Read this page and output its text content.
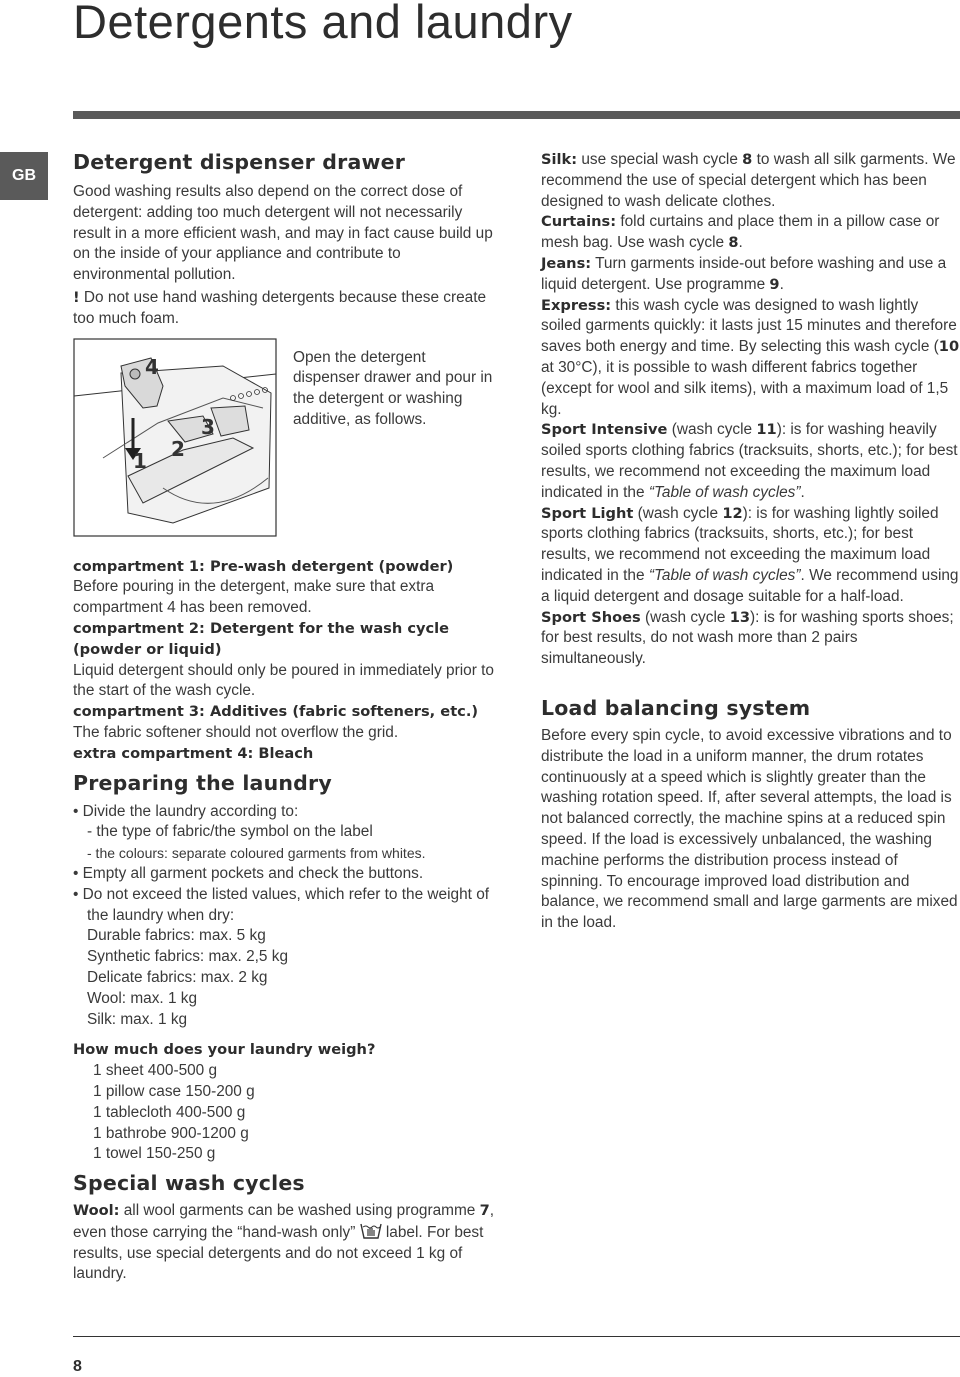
Detergents and laundry
GB
Detergent dispenser drawer

Good washing results also depend on the correct dose of detergent: adding too much detergent will not necessarily result in a more efficient wash, and may in fact cause build up on the inside of your appliance and contribute to environmental pollution.

! Do not use hand washing detergents because these create too much foam.

4
1 2
3

Open the detergent dispenser drawer and pour in the detergent or washing additive, as follows.

compartment 1: Pre-wash detergent (powder)

Before pouring in the detergent, make sure that extra compartment 4 has been removed.

compartment 2: Detergent for the wash cycle (powder or liquid)

Liquid detergent should only be poured in immediately prior to the start of the wash cycle.

compartment 3: Additives (fabric softeners, etc.)

The fabric softener should not overflow the grid.

extra compartment 4: Bleach

Preparing the laundry

• Divide the laundry according to:

- the type of fabric/the symbol on the label

- the colours: separate coloured garments from whites.

• Empty all garment pockets and check the buttons.

• Do not exceed the listed values, which refer to the weight of the laundry when dry:

Durable fabrics: max. 5 kg

Synthetic fabrics: max. 2,5 kg

Delicate fabrics: max. 2 kg

Wool: max. 1 kg

Silk: max. 1 kg

How much does your laundry weigh?

1 sheet 400-500 g

1 pillow case 150-200 g

1 tablecloth 400-500 g

1 bathrobe 900-1200 g

1 towel 150-250 g

Special wash cycles

Wool: all wool garments can be washed using programme 7, even those carrying the “hand-wash only”  label. For best results, use special detergents and do not exceed 1 kg of laundry.

Silk: use special wash cycle 8 to wash all silk garments. We recommend the use of special detergent which has been designed to wash delicate clothes.

Curtains: fold curtains and place them in a pillow case or mesh bag. Use wash cycle 8.

Jeans: Turn garments inside-out before washing and use a liquid detergent. Use programme 9.

Express: this wash cycle was designed to wash lightly soiled garments quickly: it lasts just 15 minutes and therefore saves both energy and time. By selecting this wash cycle (10 at 30°C), it is possible to wash different fabrics together (except for wool and silk items), with a maximum load of 1,5 kg.

Sport Intensive (wash cycle 11): is for washing heavily soiled sports clothing fabrics (tracksuits, shorts, etc.); for best results, we recommend not exceeding the maximum load indicated in the “Table of wash cycles”.

Sport Light (wash cycle 12): is for washing lightly soiled sports clothing fabrics (tracksuits, shorts, etc.); for best results, we recommend not exceeding the maximum load indicated in the “Table of wash cycles”. We recommend using a liquid detergent and dosage suitable for a half-load.

Sport Shoes (wash cycle 13): is for washing sports shoes; for best results, do not wash more than 2 pairs simultaneously.

Load balancing system

Before every spin cycle, to avoid excessive vibrations and to distribute the load in a uniform manner, the drum rotates continuously at a speed which is slightly greater than the washing rotation speed. If, after several attempts, the load is not balanced correctly, the machine spins at a reduced spin speed. If the load is excessively unbalanced, the washing machine performs the distribution process instead of spinning. To encourage improved load distribution and balance, we recommend small and large garments are mixed in the load.

8
